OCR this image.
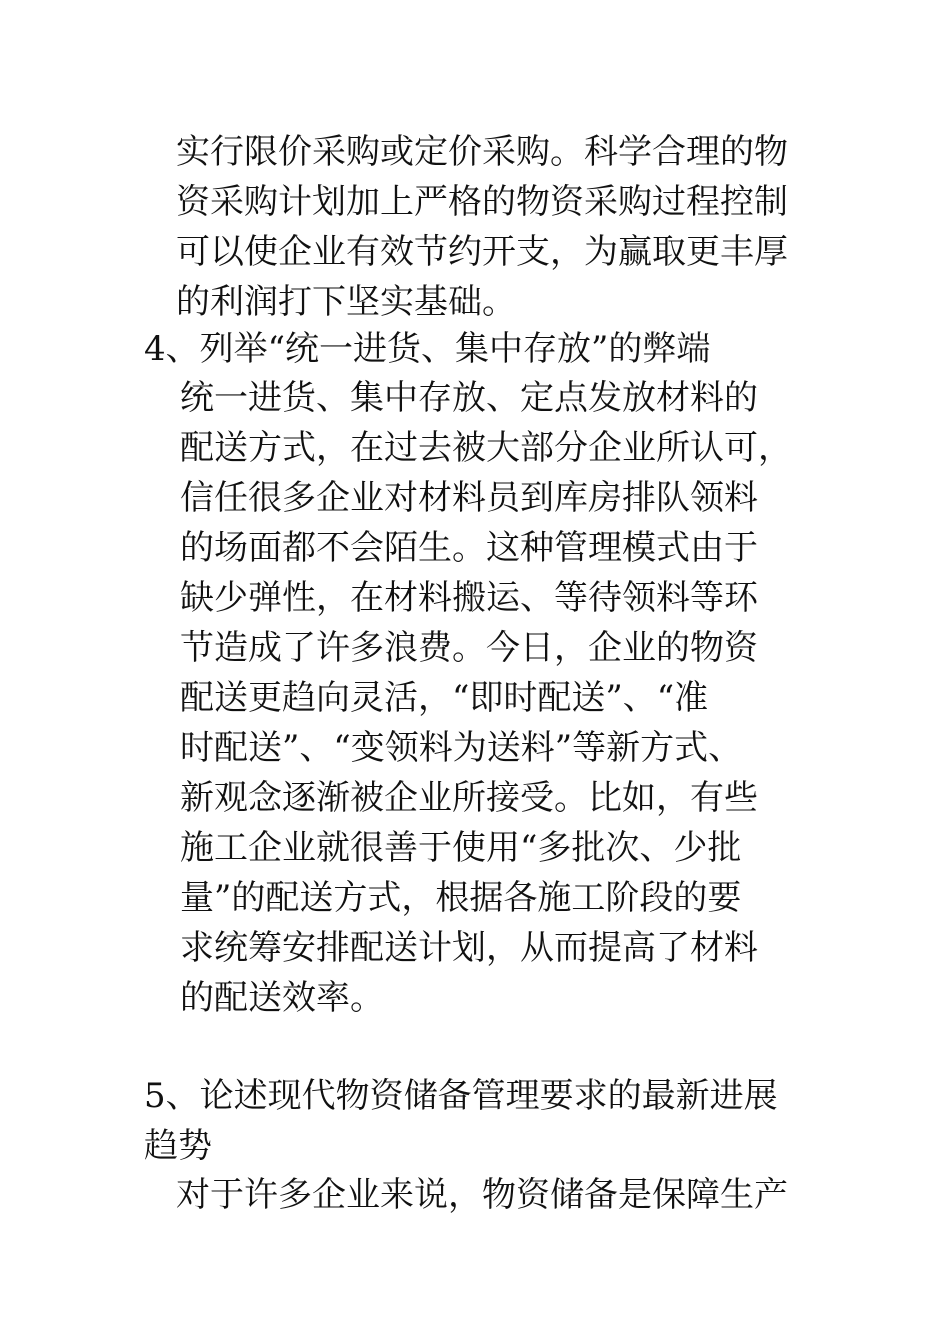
实行限价采购或定价采购。科学合理的物
资采购计划加上严格的物资采购过程控制
可以使企业有效节约开支，为赢取更丰厚
的利润打下坚实基础。
4、列举“统一进货、集中存放”的弊端
统一进货、集中存放、定点发放材料的
配送方式，在过去被大部分企业所认可，
信任很多企业对材料员到库房排队领料
的场面都不会陌生。这种管理模式由于
缺少弹性，在材料搬运、等待领料等环
节造成了许多浪费。今日，企业的物资
配送更趋向灵活，“即时配送”、“准
时配送”、“变领料为送料”等新方式、
新观念逐渐被企业所接受。比如，有些
施工企业就很善于使用“多批次、少批
量”的配送方式，根据各施工阶段的要
求统筹安排配送计划，从而提高了材料
的配送效率。
5、论述现代物资储备管理要求的最新进展
趋势
对于许多企业来说，物资储备是保障生产
